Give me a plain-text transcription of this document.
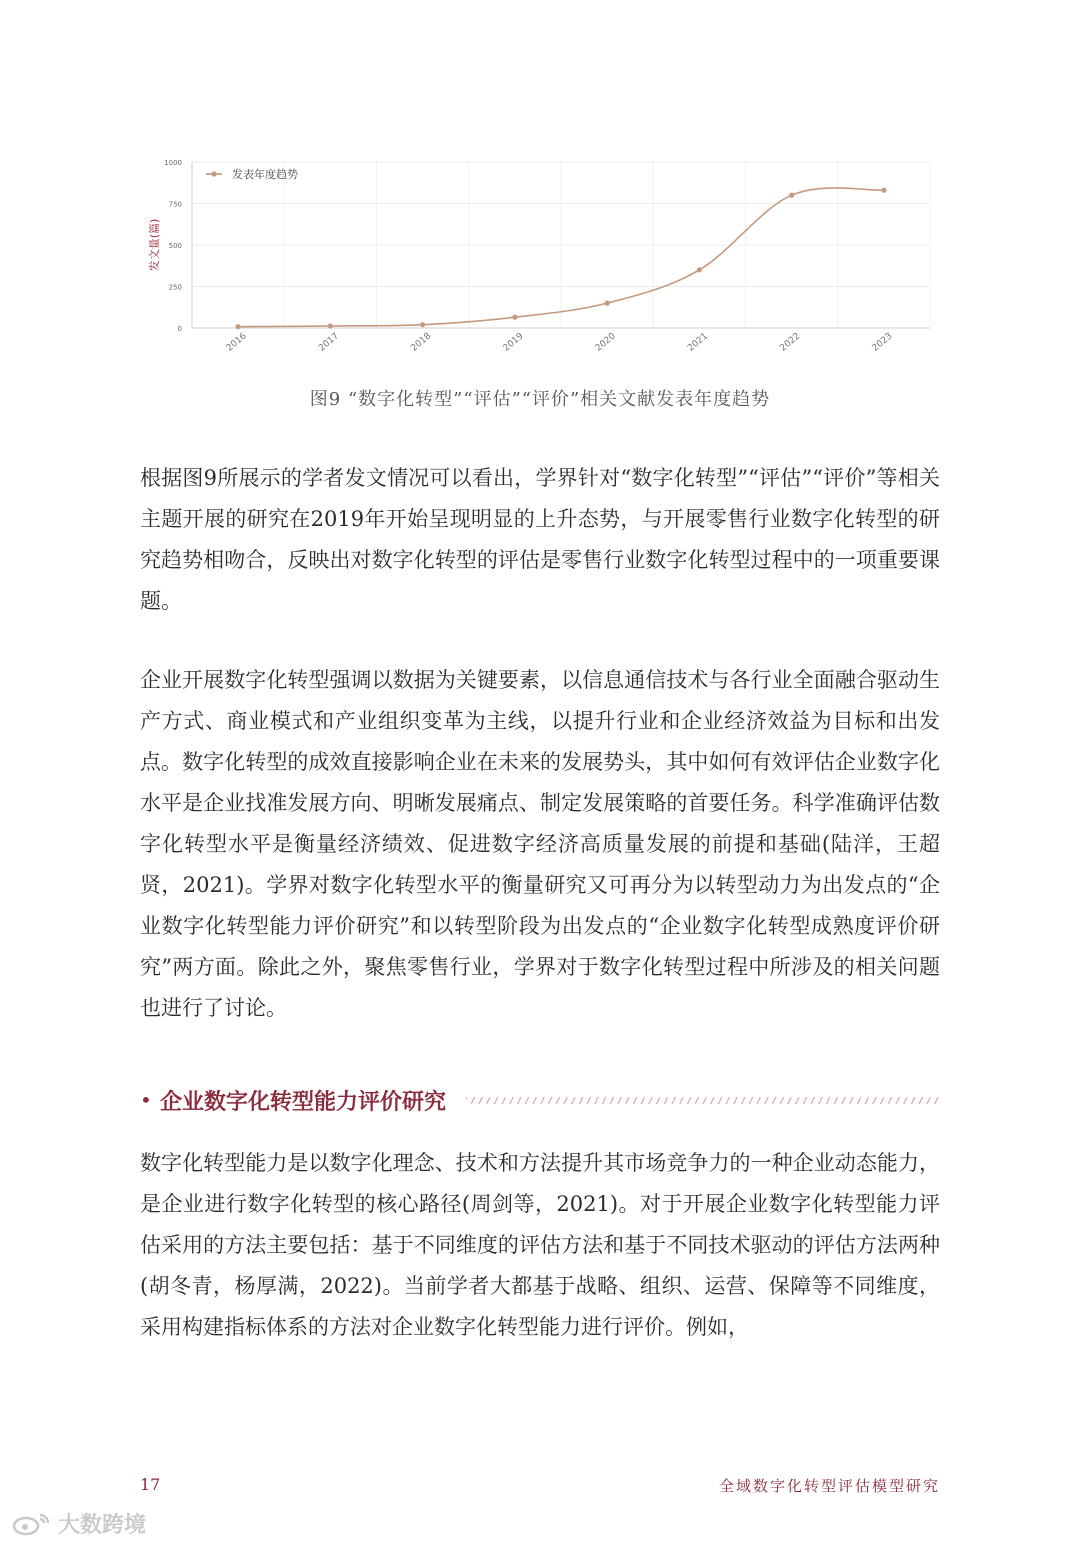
0
250
500
750
1000
2016	2017	2018	2019	2020	2021	2022	2023
发文量(篇)
发表年度趋势
图9 “数字化转型”“评估”“评价”相关文献发表年度趋势

根据图9所展示的学者发文情况可以看出，学界针对“数字化转型”“评估”“评价”等相关主题开展的研究在2019年开始呈现明显的上升态势，与开展零售行业数字化转型的研究趋势相吻合，反映出对数字化转型的评估是零售行业数字化转型过程中的一项重要课题。

企业开展数字化转型强调以数据为关键要素，以信息通信技术与各行业全面融合驱动生产方式、商业模式和产业组织变革为主线，以提升行业和企业经济效益为目标和出发点。数字化转型的成效直接影响企业在未来的发展势头，其中如何有效评估企业数字化水平是企业找准发展方向、明晰发展痛点、制定发展策略的首要任务。科学准确评估数字化转型水平是衡量经济绩效、促进数字经济高质量发展的前提和基础(陆洋，王超贤，2021)。学界对数字化转型水平的衡量研究又可再分为以转型动力为出发点的“企业数字化转型能力评价研究”和以转型阶段为出发点的“企业数字化转型成熟度评价研究”两方面。除此之外，聚焦零售行业，学界对于数字化转型过程中所涉及的相关问题也进行了讨论。

• 企业数字化转型能力评价研究

数字化转型能力是以数字化理念、技术和方法提升其市场竞争力的一种企业动态能力，是企业进行数字化转型的核心路径(周剑等，2021)。对于开展企业数字化转型能力评估采用的方法主要包括：基于不同维度的评估方法和基于不同技术驱动的评估方法两种(胡冬青，杨厚满，2022)。当前学者大都基于战略、组织、运营、保障等不同维度，采用构建指标体系的方法对企业数字化转型能力进行评价。例如，

17	全域数字化转型评估模型研究
大数跨境
